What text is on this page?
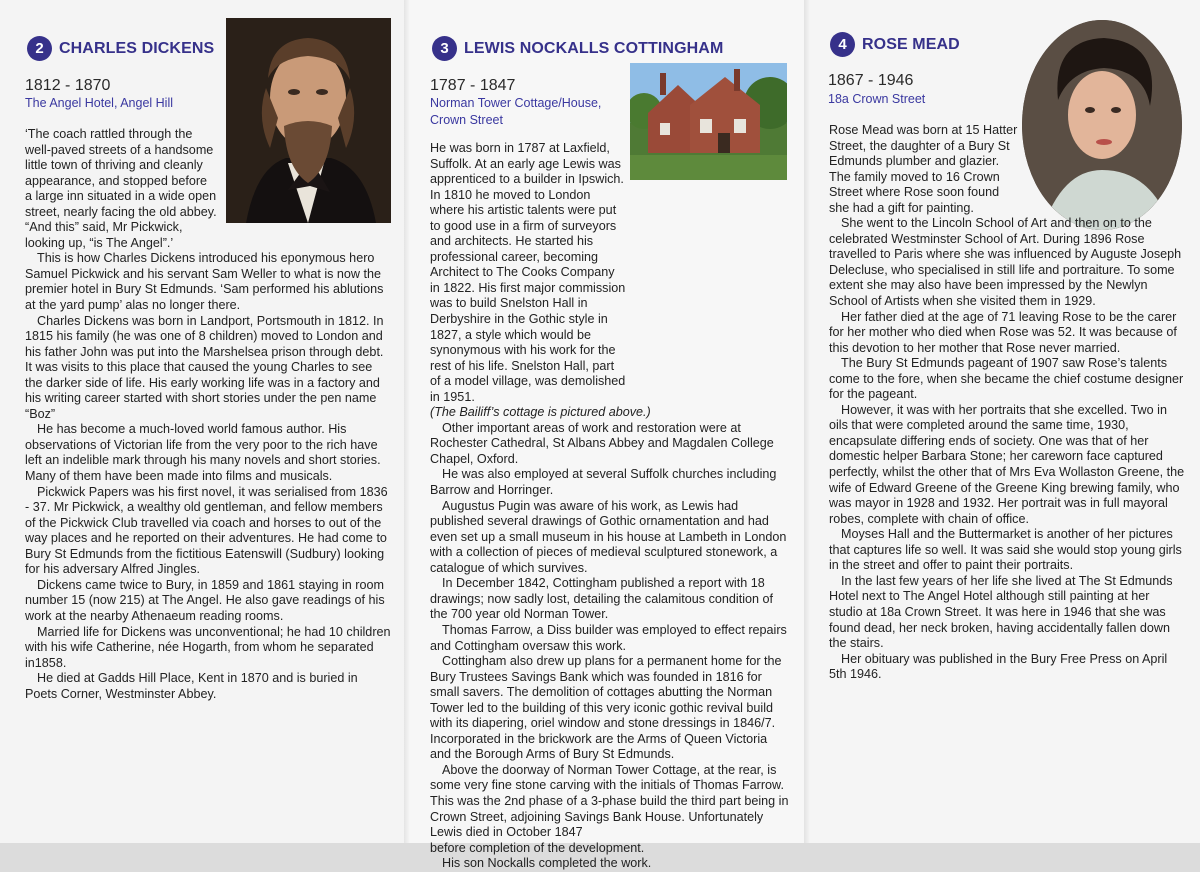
2 CHARLES DICKENS
1812 - 1870
The Angel Hotel, Angel Hill

‘The coach rattled through the well-paved streets of a handsome little town of thriving and cleanly appearance, and stopped before a large inn situated in a wide open street, nearly facing the old abbey. “And this” said, Mr Pickwick, looking up, “is The Angel”.’

This is how Charles Dickens introduced his eponymous hero Samuel Pickwick and his servant Sam Weller to what is now the premier hotel in Bury St Edmunds. ‘Sam performed his ablutions at the yard pump’ alas no longer there.

Charles Dickens was born in Landport, Portsmouth in 1812. In 1815 his family (he was one of 8 children) moved to London and his father John was put into the Marshelsea prison through debt. It was visits to this place that caused the young Charles to see the darker side of life. His early working life was in a factory and his writing career started with short stories under the pen name “Boz”

He has become a much-loved world famous author. His observations of Victorian life from the very poor to the rich have left an indelible mark through his many novels and short stories. Many of them have been made into films and musicals.

Pickwick Papers was his first novel, it was serialised from 1836 - 37. Mr Pickwick, a wealthy old gentleman, and fellow members of the Pickwick Club travelled via coach and horses to out of the way places and he reported on their adventures. He had come to Bury St Edmunds from the fictitious Eatenswill (Sudbury) looking for his adversary Alfred Jingles.

Dickens came twice to Bury, in 1859 and 1861 staying in room number 15 (now 215) at The Angel. He also gave readings of his work at the nearby Athenaeum reading rooms.

Married life for Dickens was unconventional; he had 10 children with his wife Catherine, née Hogarth, from whom he separated in1858.

He died at Gadds Hill Place, Kent in 1870 and is buried in Poets Corner, Westminster Abbey.

3 LEWIS NOCKALLS COTTINGHAM
1787 - 1847
Norman Tower Cottage/House,
Crown Street

He was born in 1787 at Laxfield, Suffolk. At an early age Lewis was apprenticed to a builder in Ipswich. In 1810 he moved to London where his artistic talents were put to good use in a firm of surveyors and architects. He started his professional career, becoming Architect to The Cooks Company in 1822. His first major commission was to build Snelston Hall in Derbyshire in the Gothic style in 1827, a style which would be synonymous with his work for the rest of his life. Snelston Hall, part of a model village, was demolished in 1951.

(The Bailiff’s cottage is pictured above.)

Other important areas of work and restoration were at Rochester Cathedral, St Albans Abbey and Magdalen College Chapel, Oxford.

He was also employed at several Suffolk churches including Barrow and Horringer.

Augustus Pugin was aware of his work, as Lewis had published several drawings of Gothic ornamentation and had even set up a small museum in his house at Lambeth in London with a collection of pieces of medieval sculptured stonework, a catalogue of which survives.

In December 1842, Cottingham published a report with 18 drawings; now sadly lost, detailing the calamitous condition of the 700 year old Norman Tower.

Thomas Farrow, a Diss builder was employed to effect repairs and Cottingham oversaw this work.

Cottingham also drew up plans for a permanent home for the Bury Trustees Savings Bank which was founded in 1816 for small savers. The demolition of cottages abutting the Norman Tower led to the building of this very iconic gothic revival build with its diapering, oriel window and stone dressings in 1846/7. Incorporated in the brickwork are the Arms of Queen Victoria and the Borough Arms of Bury St Edmunds.

Above the doorway of Norman Tower Cottage, at the rear, is some very fine stone carving with the initials of Thomas Farrow. This was the 2nd phase of a 3-phase build the third part being in Crown Street, adjoining Savings Bank House. Unfortunately Lewis died in October 1847

before completion of the development.

His son Nockalls completed the work.

4 ROSE MEAD
1867 - 1946
18a Crown Street

Rose Mead was born at 15 Hatter Street, the daughter of a Bury St Edmunds plumber and glazier. The family moved to 16 Crown Street where Rose soon found she had a gift for painting.

She went to the Lincoln School of Art and then on to the celebrated Westminster School of Art. During 1896 Rose travelled to Paris where she was influenced by Auguste Joseph Delecluse, who specialised in still life and portraiture. To some extent she may also have been impressed by the Newlyn School of Artists when she visited them in 1929.

Her father died at the age of 71 leaving Rose to be the carer for her mother who died when Rose was 52. It was because of this devotion to her mother that Rose never married.

The Bury St Edmunds pageant of 1907 saw Rose’s talents come to the fore, when she became the chief costume designer for the pageant.

However, it was with her portraits that she excelled. Two in oils that were completed around the same time, 1930,

encapsulate differing ends of society. One was that of her domestic helper Barbara Stone; her careworn face captured perfectly, whilst the other that of Mrs Eva Wollaston Greene, the wife of Edward Greene of the Greene King brewing family, who was mayor in 1928 and 1932. Her portrait was in full mayoral robes, complete with chain of office.

Moyses Hall and the Buttermarket is another of her pictures that captures life so well. It was said she would stop young girls in the street and offer to paint their portraits.

In the last few years of her life she lived at The St Edmunds Hotel next to The Angel Hotel although still painting at her studio at 18a Crown Street. It was here in 1946 that she was found dead, her neck broken, having accidentally fallen down the stairs.

Her obituary was published in the Bury Free Press on April 5th 1946.
